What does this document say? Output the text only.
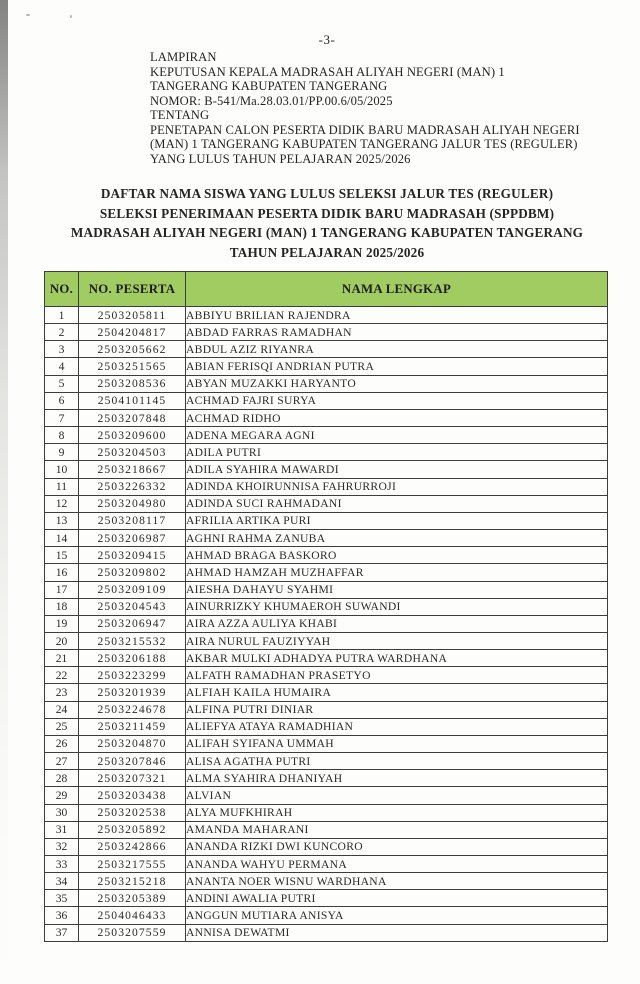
-3-
LAMPIRAN
KEPUTUSAN KEPALA MADRASAH ALIYAH NEGERI (MAN) 1
TANGERANG KABUPATEN TANGERANG
NOMOR: B-541/Ma.28.03.01/PP.00.6/05/2025
TENTANG
PENETAPAN CALON PESERTA DIDIK BARU MADRASAH ALIYAH NEGERI
(MAN) 1 TANGERANG KABUPATEN TANGERANG JALUR TES (REGULER)
YANG LULUS TAHUN PELAJARAN 2025/2026
DAFTAR NAMA SISWA YANG LULUS SELEKSI JALUR TES (REGULER)
SELEKSI PENERIMAAN PESERTA DIDIK BARU MADRASAH (SPPDBM)
MADRASAH ALIYAH NEGERI (MAN) 1 TANGERANG KABUPATEN TANGERANG
TAHUN PELAJARAN 2025/2026
NO.	NO. PESERTA	NAMA LENGKAP
1	2503205811	ABBIYU BRILIAN RAJENDRA
2	2504204817	ABDAD FARRAS RAMADHAN
3	2503205662	ABDUL AZIZ RIYANRA
4	2503251565	ABIAN FERISQI ANDRIAN PUTRA
5	2503208536	ABYAN MUZAKKI HARYANTO
6	2504101145	ACHMAD FAJRI SURYA
7	2503207848	ACHMAD RIDHO
8	2503209600	ADENA MEGARA AGNI
9	2503204503	ADILA PUTRI
10	2503218667	ADILA SYAHIRA MAWARDI
11	2503226332	ADINDA KHOIRUNNISA FAHRURROJI
12	2503204980	ADINDA SUCI RAHMADANI
13	2503208117	AFRILIA ARTIKA PURI
14	2503206987	AGHNI RAHMA ZANUBA
15	2503209415	AHMAD BRAGA BASKORO
16	2503209802	AHMAD HAMZAH MUZHAFFAR
17	2503209109	AIESHA DAHAYU SYAHMI
18	2503204543	AINURRIZKY KHUMAEROH SUWANDI
19	2503206947	AIRA AZZA AULIYA KHABI
20	2503215532	AIRA NURUL FAUZIYYAH
21	2503206188	AKBAR MULKI ADHADYA PUTRA WARDHANA
22	2503223299	ALFATH RAMADHAN PRASETYO
23	2503201939	ALFIAH KAILA HUMAIRA
24	2503224678	ALFINA PUTRI DINIAR
25	2503211459	ALIEFYA ATAYA RAMADHIAN
26	2503204870	ALIFAH SYIFANA UMMAH
27	2503207846	ALISA AGATHA PUTRI
28	2503207321	ALMA SYAHIRA DHANIYAH
29	2503203438	ALVIAN
30	2503202538	ALYA MUFKHIRAH
31	2503205892	AMANDA MAHARANI
32	2503242866	ANANDA RIZKI DWI KUNCORO
33	2503217555	ANANDA WAHYU PERMANA
34	2503215218	ANANTA NOER WISNU WARDHANA
35	2503205389	ANDINI AWALIA PUTRI
36	2504046433	ANGGUN MUTIARA ANISYA
37	2503207559	ANNISA DEWATMI
